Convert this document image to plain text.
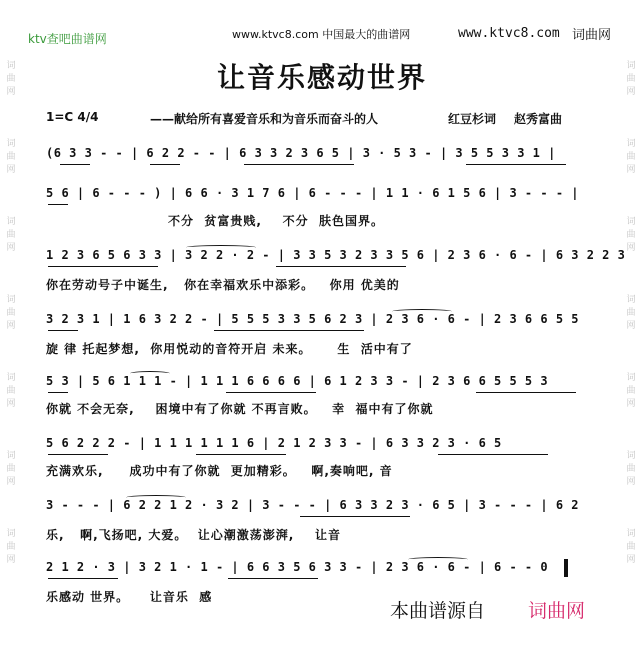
ktv查吧曲谱网	www.ktvc8.com 中国最大的曲谱网	www.ktvc8.com 词曲网
词
曲
网
词
曲
网
词
曲
网
词
曲
网
词
曲
网
词
曲
网
词
曲
网
词
曲
网
词
曲
网
词
曲
网
词
曲
网
词
曲
网
词
曲
网
词
曲
网
让音乐感动世界
1=C 4/4	——献给所有喜爱音乐和为音乐而奋斗的人	红豆杉词 赵秀富曲
(6 3 3 - - | 6 2 2 - - | 6 3 3 2 3 6 5 | 3 · 5 3 - | 3 5 5 3 3 1 |
5 6 | 6 - - - ) | 6 6 · 3 1 7 6 | 6 - - - | 1 1 · 6 1 5 6 | 3 - - - |
不分  贫富贵贱,    不分  肤色国界。
1 2 3 6 5 6 3 3 | 3 2 2 · 2 - | 3 3 5 3 2 3 3 5 6 | 2 3 6 · 6 - | 6 3 2 2 3
你在劳动号子中诞生,   你在幸福欢乐中添彩。   你用 优美的
3 2 3 1 | 1 6 3 2 2 - | 5 5 5 3 3 5 6 2 3 | 2 3 6 · 6 - | 2 3 6 6 5 5
旋 律 托起梦想,  你用悦动的音符开启 未来。     生  活中有了
5 3 | 5 6 1 1 1 - | 1 1 1 6 6 6 6 | 6 1 2 3 3 - | 2 3 6 6 5 5 5 3
你就 不会无奈,    困境中有了你就 不再言败。   幸  福中有了你就
5 6 2 2 2 - | 1 1 1 1 1 1 6 | 2 1 2 3 3 - | 6 3 3 2 3 · 6 5
充满欢乐,     成功中有了你就  更加精彩。   啊,奏响吧, 音
3 - - - | 6 2 2 1 2 · 3 2 | 3 - - - | 6 3 3 2 3 · 6 5 | 3 - - - | 6 2
乐,   啊,飞扬吧, 大爱。  让心潮激荡澎湃,    让音
2 1 2 · 3 | 3 2 1 · 1 - | 6 6 3 5 6 3 3 - | 2 3 6 · 6 - | 6 - - 0
乐感动 世界。    让音乐  感
本曲谱源自 词曲网
